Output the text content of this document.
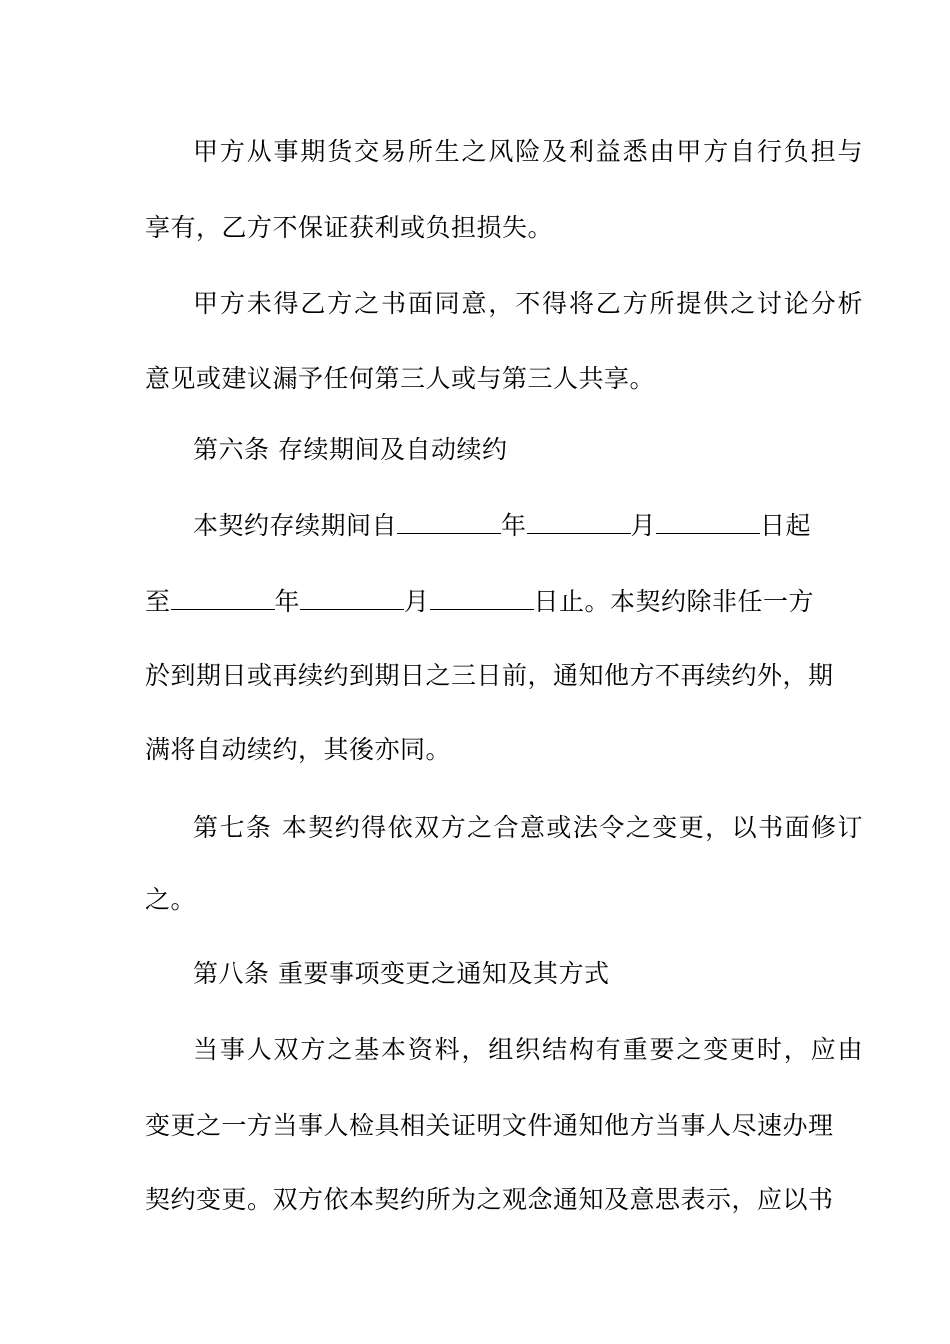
甲方从事期货交易所生之风险及利益悉由甲方自行负担与
享有，乙方不保证获利或负担损失。
甲方未得乙方之书面同意，不得将乙方所提供之讨论分析
意见或建议漏予任何第三人或与第三人共享。
第六条 存续期间及自动续约
本契约存续期间自	年	月	日起
至	年	月	日止。本契约除非任一方
於到期日或再续约到期日之三日前，通知他方不再续约外，期
满将自动续约，其後亦同。
第七条 本契约得依双方之合意或法令之变更，以书面修订
之。
第八条 重要事项变更之通知及其方式
当事人双方之基本资料，组织结构有重要之变更时，应由
变更之一方当事人检具相关证明文件通知他方当事人尽速办理
契约变更。双方依本契约所为之观念通知及意思表示，应以书
